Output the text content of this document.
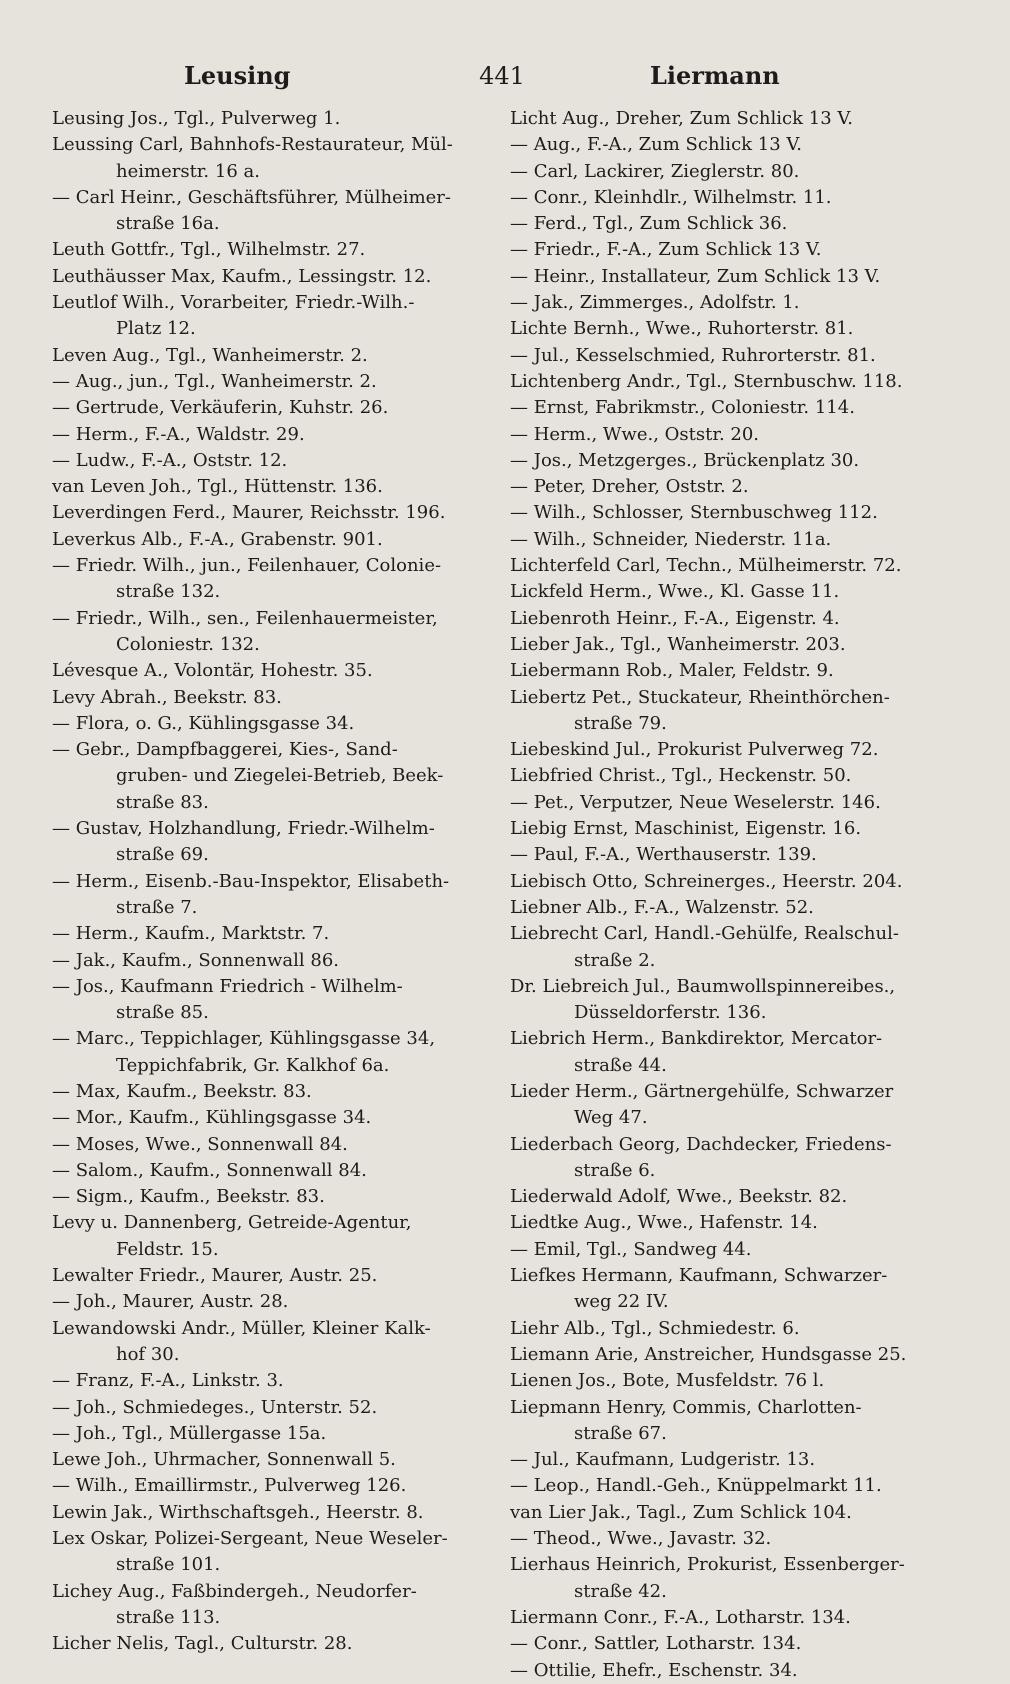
Leusing	441	Liermann
Leusing Jos., Tgl., Pulverweg 1.
Leussing Carl, Bahnhofs-Restaurateur, Mül-
heimerstr. 16 a.
— Carl Heinr., Geschäftsführer, Mülheimer-
straße 16a.
Leuth Gottfr., Tgl., Wilhelmstr. 27.
Leuthäusser Max, Kaufm., Lessingstr. 12.
Leutlof Wilh., Vorarbeiter, Friedr.-Wilh.-
Platz 12.
Leven Aug., Tgl., Wanheimerstr. 2.
— Aug., jun., Tgl., Wanheimerstr. 2.
— Gertrude, Verkäuferin, Kuhstr. 26.
— Herm., F.-A., Waldstr. 29.
— Ludw., F.-A., Oststr. 12.
van Leven Joh., Tgl., Hüttenstr. 136.
Leverdingen Ferd., Maurer, Reichsstr. 196.
Leverkus Alb., F.-A., Grabenstr. 901.
— Friedr. Wilh., jun., Feilenhauer, Colonie-
straße 132.
— Friedr., Wilh., sen., Feilenhauermeister,
Coloniestr. 132.
Lévesque A., Volontär, Hohestr. 35.
Levy Abrah., Beekstr. 83.
— Flora, o. G., Kühlingsgasse 34.
— Gebr., Dampfbaggerei, Kies-, Sand-
gruben- und Ziegelei-Betrieb, Beek-
straße 83.
— Gustav, Holzhandlung, Friedr.-Wilhelm-
straße 69.
— Herm., Eisenb.-Bau-Inspektor, Elisabeth-
straße 7.
— Herm., Kaufm., Marktstr. 7.
— Jak., Kaufm., Sonnenwall 86.
— Jos., Kaufmann Friedrich - Wilhelm-
straße 85.
— Marc., Teppichlager, Kühlingsgasse 34,
Teppichfabrik, Gr. Kalkhof 6a.
— Max, Kaufm., Beekstr. 83.
— Mor., Kaufm., Kühlingsgasse 34.
— Moses, Wwe., Sonnenwall 84.
— Salom., Kaufm., Sonnenwall 84.
— Sigm., Kaufm., Beekstr. 83.
Levy u. Dannenberg, Getreide-Agentur,
Feldstr. 15.
Lewalter Friedr., Maurer, Austr. 25.
— Joh., Maurer, Austr. 28.
Lewandowski Andr., Müller, Kleiner Kalk-
hof 30.
— Franz, F.-A., Linkstr. 3.
— Joh., Schmiedeges., Unterstr. 52.
— Joh., Tgl., Müllergasse 15a.
Lewe Joh., Uhrmacher, Sonnenwall 5.
— Wilh., Emaillirmstr., Pulverweg 126.
Lewin Jak., Wirthschaftsgeh., Heerstr. 8.
Lex Oskar, Polizei-Sergeant, Neue Weseler-
straße 101.
Lichey Aug., Faßbindergeh., Neudorfer-
straße 113.
Licher Nelis, Tagl., Culturstr. 28.
Licht Aug., Dreher, Zum Schlick 13 V.
— Aug., F.-A., Zum Schlick 13 V.
— Carl, Lackirer, Zieglerstr. 80.
— Conr., Kleinhdlr., Wilhelmstr. 11.
— Ferd., Tgl., Zum Schlick 36.
— Friedr., F.-A., Zum Schlick 13 V.
— Heinr., Installateur, Zum Schlick 13 V.
— Jak., Zimmerges., Adolfstr. 1.
Lichte Bernh., Wwe., Ruhorterstr. 81.
— Jul., Kesselschmied, Ruhrorterstr. 81.
Lichtenberg Andr., Tgl., Sternbuschw. 118.
— Ernst, Fabrikmstr., Coloniestr. 114.
— Herm., Wwe., Oststr. 20.
— Jos., Metzgerges., Brückenplatz 30.
— Peter, Dreher, Oststr. 2.
— Wilh., Schlosser, Sternbuschweg 112.
— Wilh., Schneider, Niederstr. 11a.
Lichterfeld Carl, Techn., Mülheimerstr. 72.
Lickfeld Herm., Wwe., Kl. Gasse 11.
Liebenroth Heinr., F.-A., Eigenstr. 4.
Lieber Jak., Tgl., Wanheimerstr. 203.
Liebermann Rob., Maler, Feldstr. 9.
Liebertz Pet., Stuckateur, Rheinthörchen-
straße 79.
Liebeskind Jul., Prokurist Pulverweg 72.
Liebfried Christ., Tgl., Heckenstr. 50.
— Pet., Verputzer, Neue Weselerstr. 146.
Liebig Ernst, Maschinist, Eigenstr. 16.
— Paul, F.-A., Werthauserstr. 139.
Liebisch Otto, Schreinerges., Heerstr. 204.
Liebner Alb., F.-A., Walzenstr. 52.
Liebrecht Carl, Handl.-Gehülfe, Realschul-
straße 2.
Dr. Liebreich Jul., Baumwollspinnereibes.,
Düsseldorferstr. 136.
Liebrich Herm., Bankdirektor, Mercator-
straße 44.
Lieder Herm., Gärtnergehülfe, Schwarzer
Weg 47.
Liederbach Georg, Dachdecker, Friedens-
straße 6.
Liederwald Adolf, Wwe., Beekstr. 82.
Liedtke Aug., Wwe., Hafenstr. 14.
— Emil, Tgl., Sandweg 44.
Liefkes Hermann, Kaufmann, Schwarzer-
weg 22 IV.
Liehr Alb., Tgl., Schmiedestr. 6.
Liemann Arie, Anstreicher, Hundsgasse 25.
Lienen Jos., Bote, Musfeldstr. 76 l.
Liepmann Henry, Commis, Charlotten-
straße 67.
— Jul., Kaufmann, Ludgeristr. 13.
— Leop., Handl.-Geh., Knüppelmarkt 11.
van Lier Jak., Tagl., Zum Schlick 104.
— Theod., Wwe., Javastr. 32.
Lierhaus Heinrich, Prokurist, Essenberger-
straße 42.
Liermann Conr., F.-A., Lotharstr. 134.
— Conr., Sattler, Lotharstr. 134.
— Ottilie, Ehefr., Eschenstr. 34.
